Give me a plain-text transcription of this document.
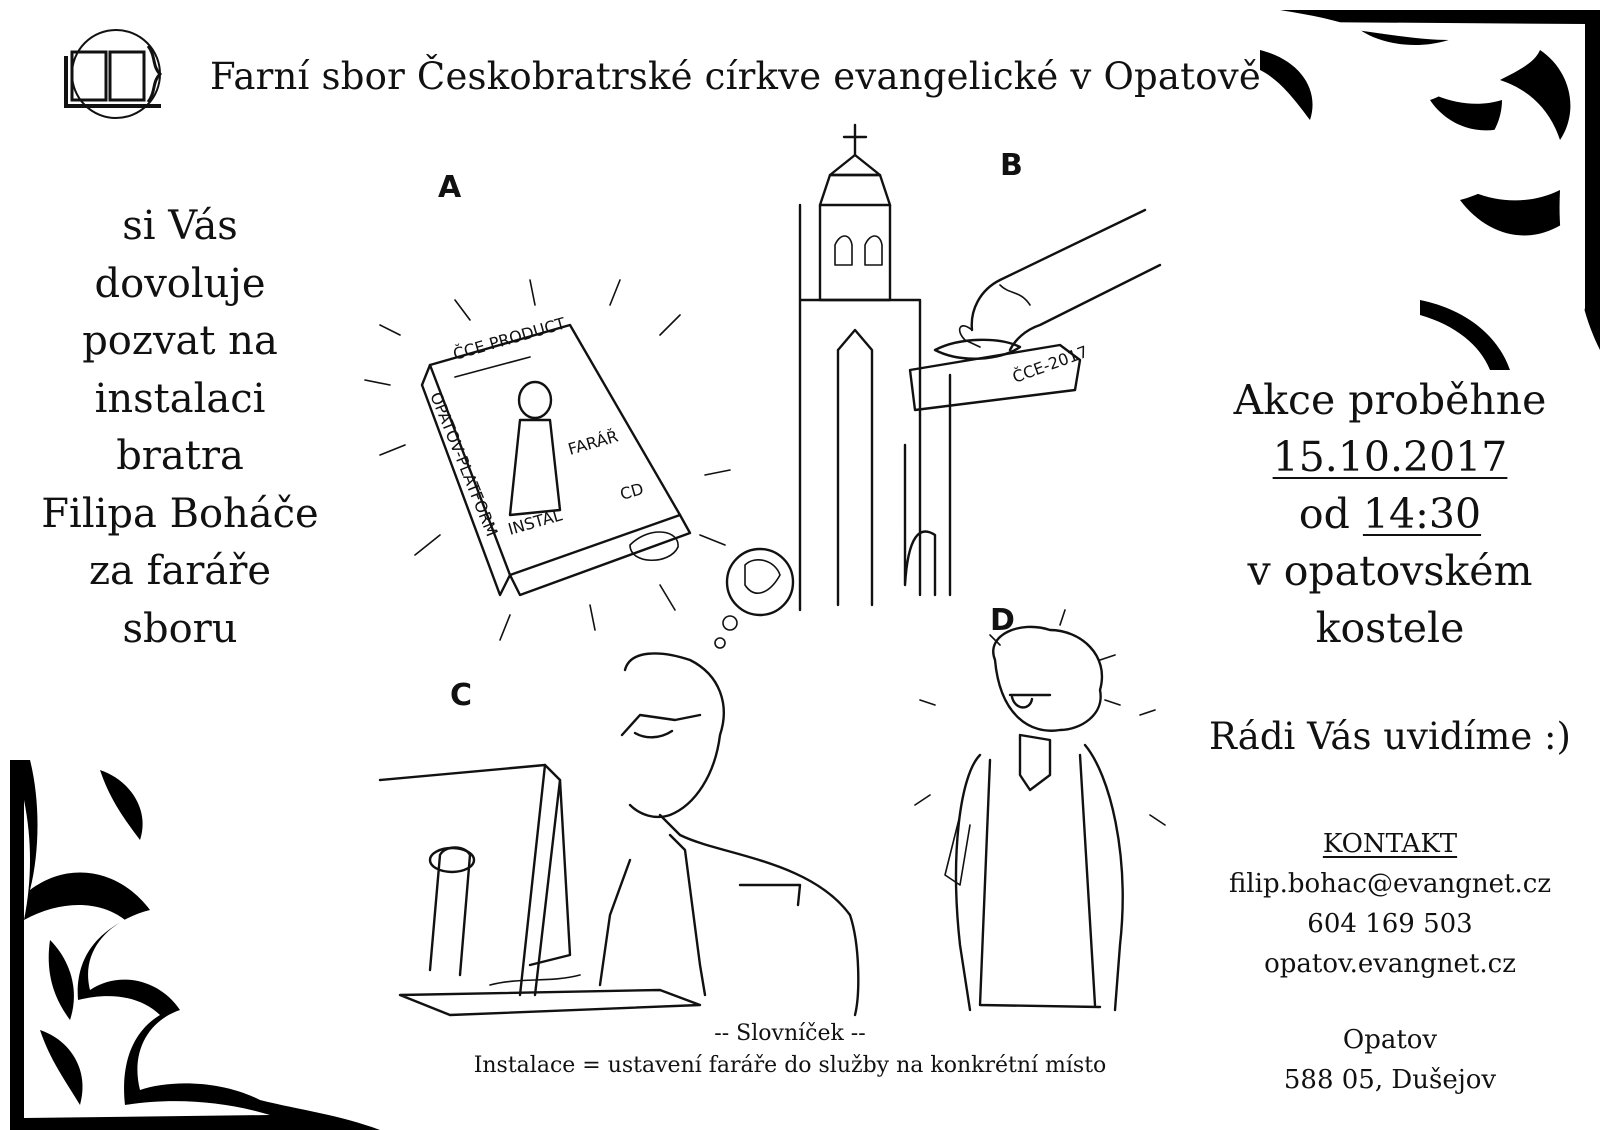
Farní sbor Českobratrské církve evangelické v Opatově
si Vás
dovoluje
pozvat na
instalaci
bratra
Filipa Boháče
za faráře
sboru
Akce proběhne
15.10.2017
od 14:30
v opatovském
kostele
Rádi Vás uvidíme :)
KONTAKT
filip.bohac@evangnet.cz
604 169 503
opatov.evangnet.cz
Opatov
588 05, Dušejov
-- Slovníček --
Instalace = ustavení faráře do služby na konkrétní místo
A
ČCE PRODUCT
FARÁŘ
OPATOV-PLATFORM INSTAL
CD
B
ČCE-2017
C
D
